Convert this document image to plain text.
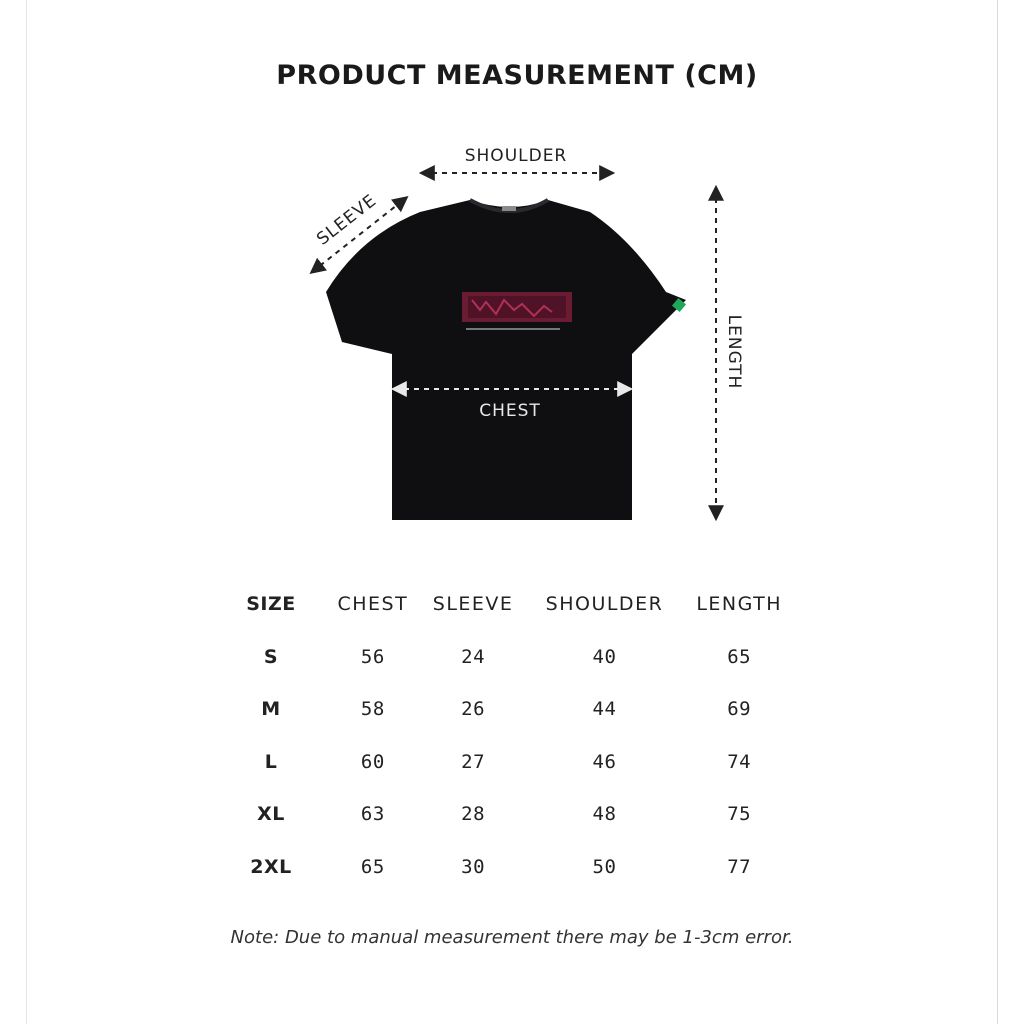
PRODUCT MEASUREMENT (CM)
SHOULDER
SLEEVE
CHEST
LENGTH
SIZE	CHEST	SLEEVE	SHOULDER	LENGTH
S	56	24	40	65
M	58	26	44	69
L	60	27	46	74
XL	63	28	48	75
2XL	65	30	50	77
Note: Due to manual measurement there may be 1-3cm error.
